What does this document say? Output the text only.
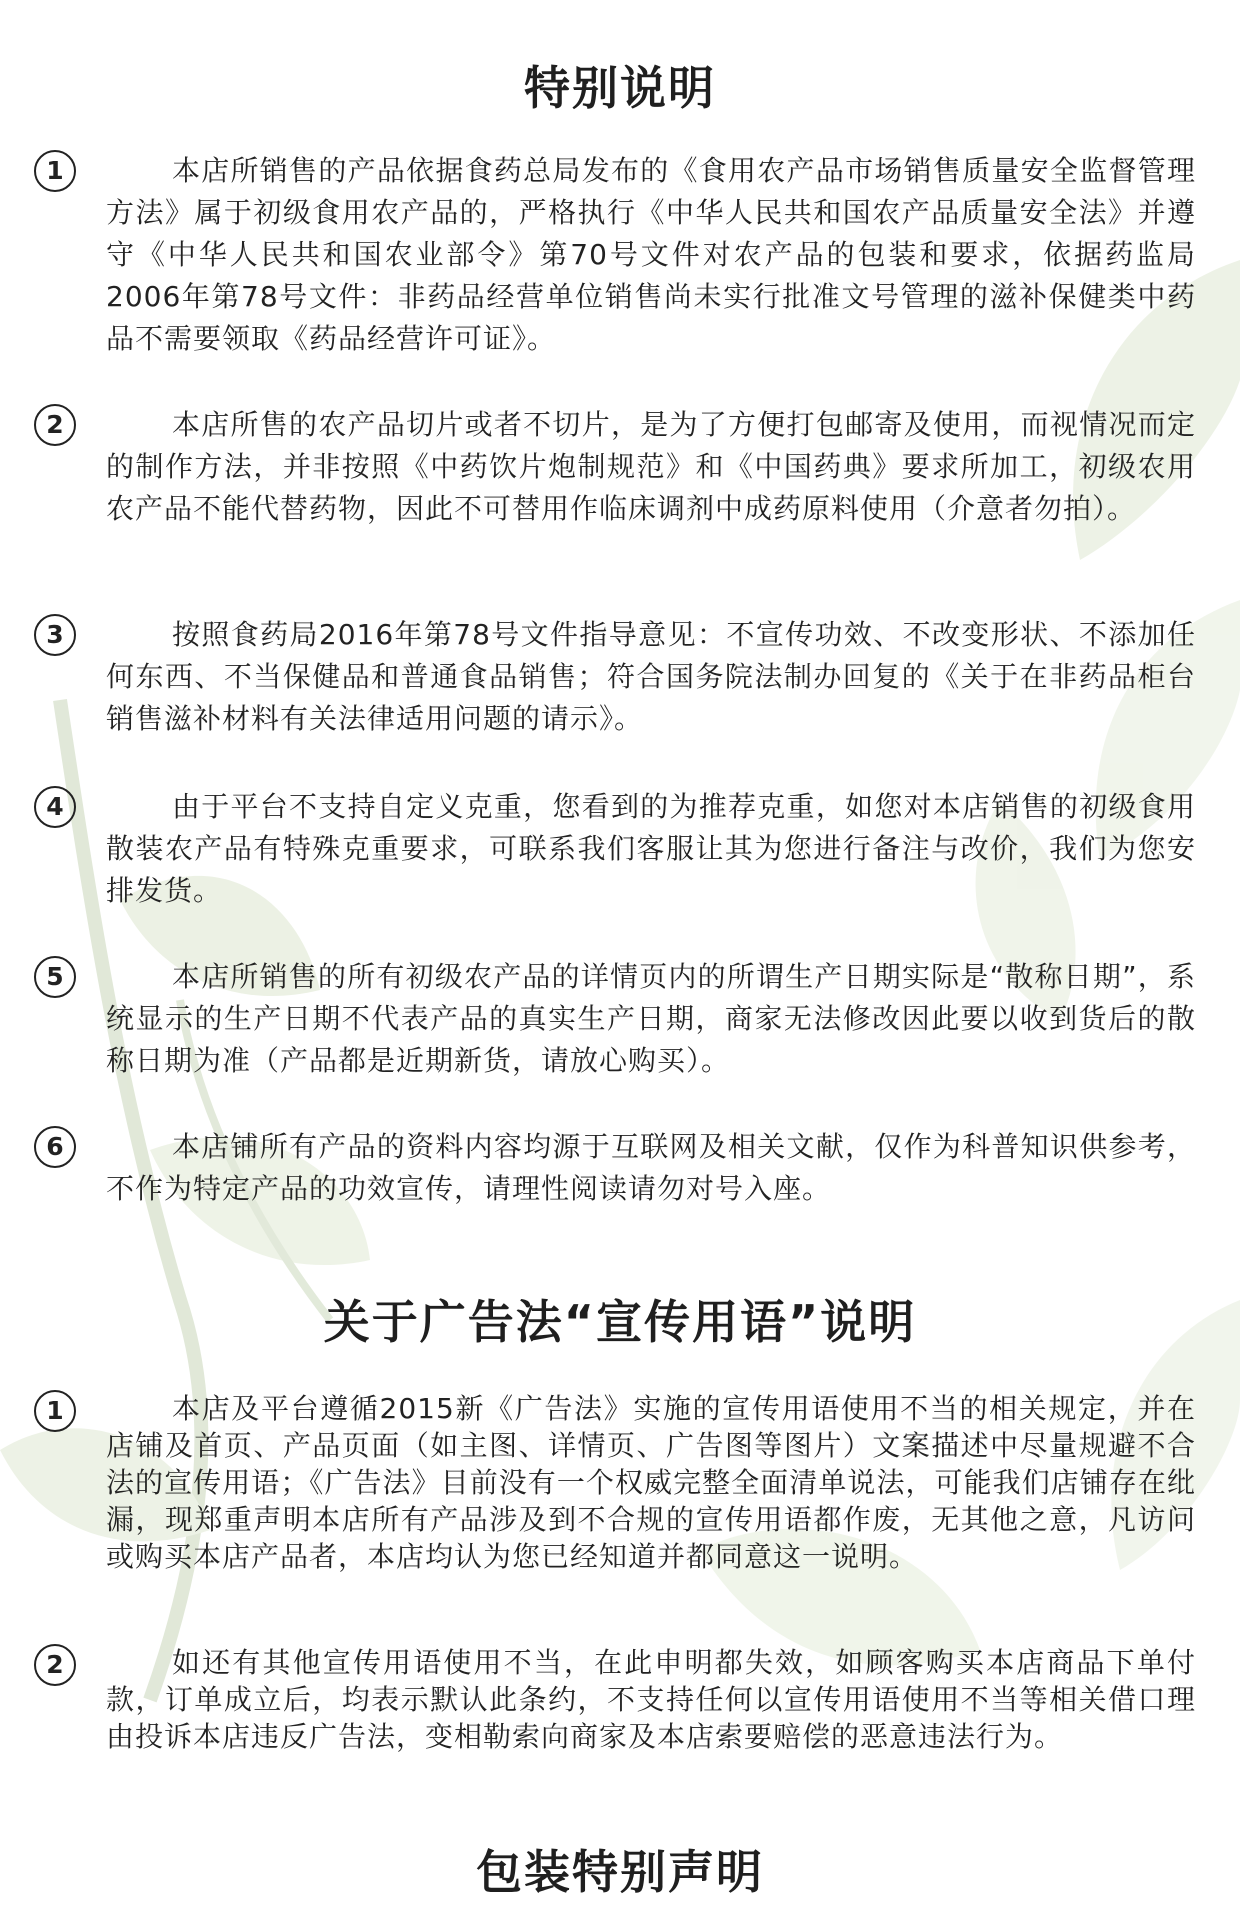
特别说明
1	本店所销售的产品依据食药总局发布的《食用农产品市场销售质量安全监督管理方法》属于初级食用农产品的，严格执行《中华人民共和国农产品质量安全法》并遵守《中华人民共和国农业部令》第70号文件对农产品的包装和要求，依据药监局2006年第78号文件：非药品经营单位销售尚未实行批准文号管理的滋补保健类中药品不需要领取《药品经营许可证》。

2	本店所售的农产品切片或者不切片，是为了方便打包邮寄及使用，而视情况而定的制作方法，并非按照《中药饮片炮制规范》和《中国药典》要求所加工，初级农用农产品不能代替药物，因此不可替用作临床调剂中成药原料使用（介意者勿拍）。

3	按照食药局2016年第78号文件指导意见：不宣传功效、不改变形状、不添加任何东西、不当保健品和普通食品销售；符合国务院法制办回复的《关于在非药品柜台销售滋补材料有关法律适用问题的请示》。

4	由于平台不支持自定义克重，您看到的为推荐克重，如您对本店销售的初级食用散装农产品有特殊克重要求，可联系我们客服让其为您进行备注与改价，我们为您安排发货。

5	本店所销售的所有初级农产品的详情页内的所谓生产日期实际是“散称日期”，系统显示的生产日期不代表产品的真实生产日期，商家无法修改因此要以收到货后的散称日期为准（产品都是近期新货，请放心购买）。

6	本店铺所有产品的资料内容均源于互联网及相关文献，仅作为科普知识供参考，不作为特定产品的功效宣传，请理性阅读请勿对号入座。

关于广告法“宣传用语”说明
1	本店及平台遵循2015新《广告法》实施的宣传用语使用不当的相关规定，并在店铺及首页、产品页面（如主图、详情页、广告图等图片）文案描述中尽量规避不合法的宣传用语；《广告法》目前没有一个权威完整全面清单说法，可能我们店铺存在纰漏，现郑重声明本店所有产品涉及到不合规的宣传用语都作废，无其他之意，凡访问或购买本店产品者，本店均认为您已经知道并都同意这一说明。

2	如还有其他宣传用语使用不当，在此申明都失效，如顾客购买本店商品下单付款，订单成立后，均表示默认此条约，不支持任何以宣传用语使用不当等相关借口理由投诉本店违反广告法，变相勒索向商家及本店索要赔偿的恶意违法行为。

包装特别声明
